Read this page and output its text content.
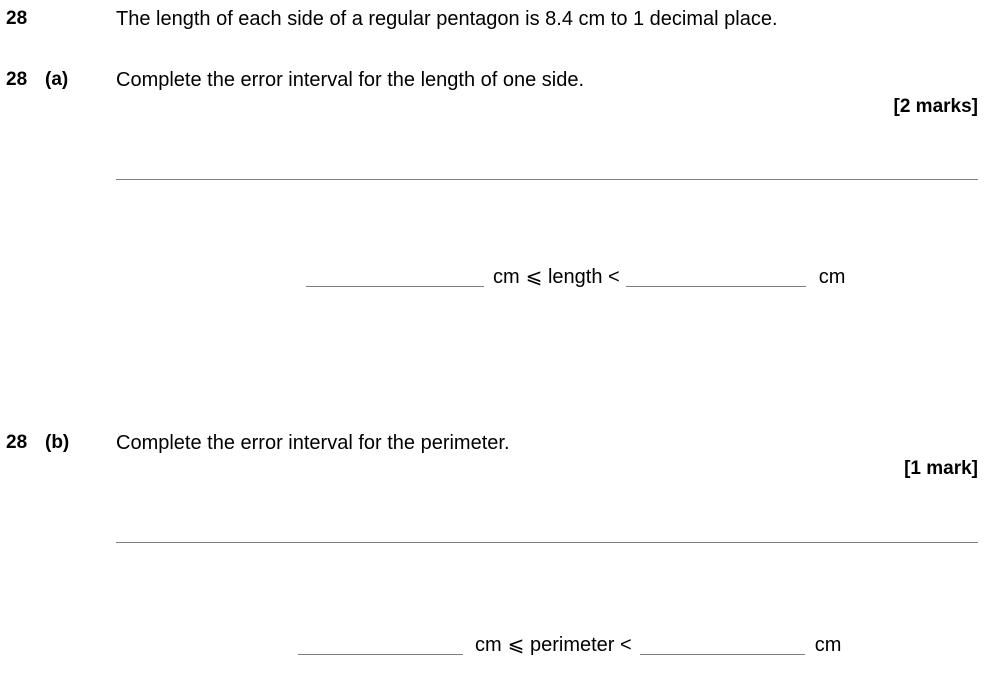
28	The length of each side of a regular pentagon is 8.4 cm to 1 decimal place.
28 (a) Complete the error interval for the length of one side.
[2 marks]
cm ⩽ length <	cm
28 (b) Complete the error interval for the perimeter.
[1 mark]
cm ⩽ perimeter <	cm
